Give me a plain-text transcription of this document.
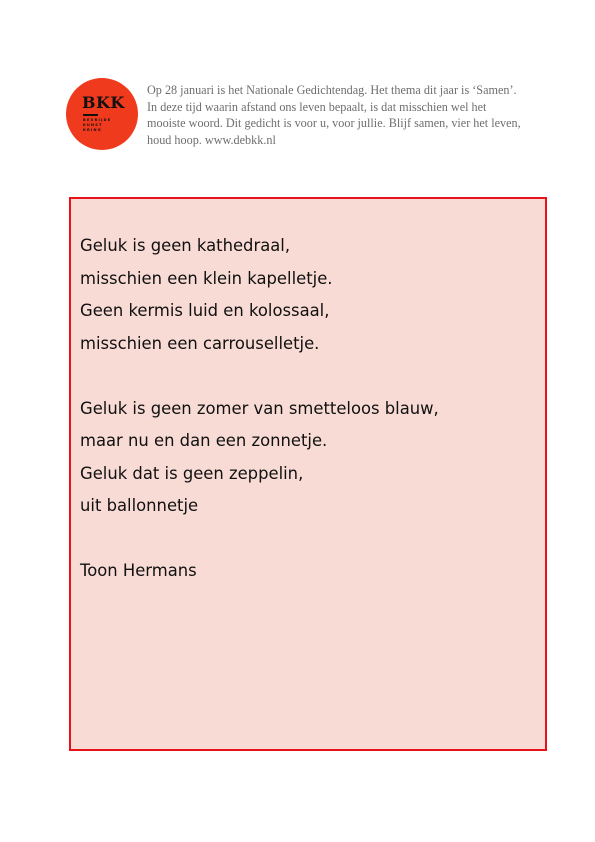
BKK
BEVRIJDE
KUNST
KRING
Op 28 januari is het Nationale Gedichtendag. Het thema dit jaar is ‘Samen’. In deze tijd waarin afstand ons leven bepaalt, is dat misschien wel het mooiste woord. Dit gedicht is voor u, voor jullie. Blijf samen, vier het leven, houd hoop. www.debkk.nl
Geluk is geen kathedraal,
misschien een klein kapelletje.
Geen kermis luid en kolossaal,
misschien een carrouselletje.
Geluk is geen zomer van smetteloos blauw,
maar nu en dan een zonnetje.
Geluk dat is geen zeppelin,
uit ballonnetje
Toon Hermans
